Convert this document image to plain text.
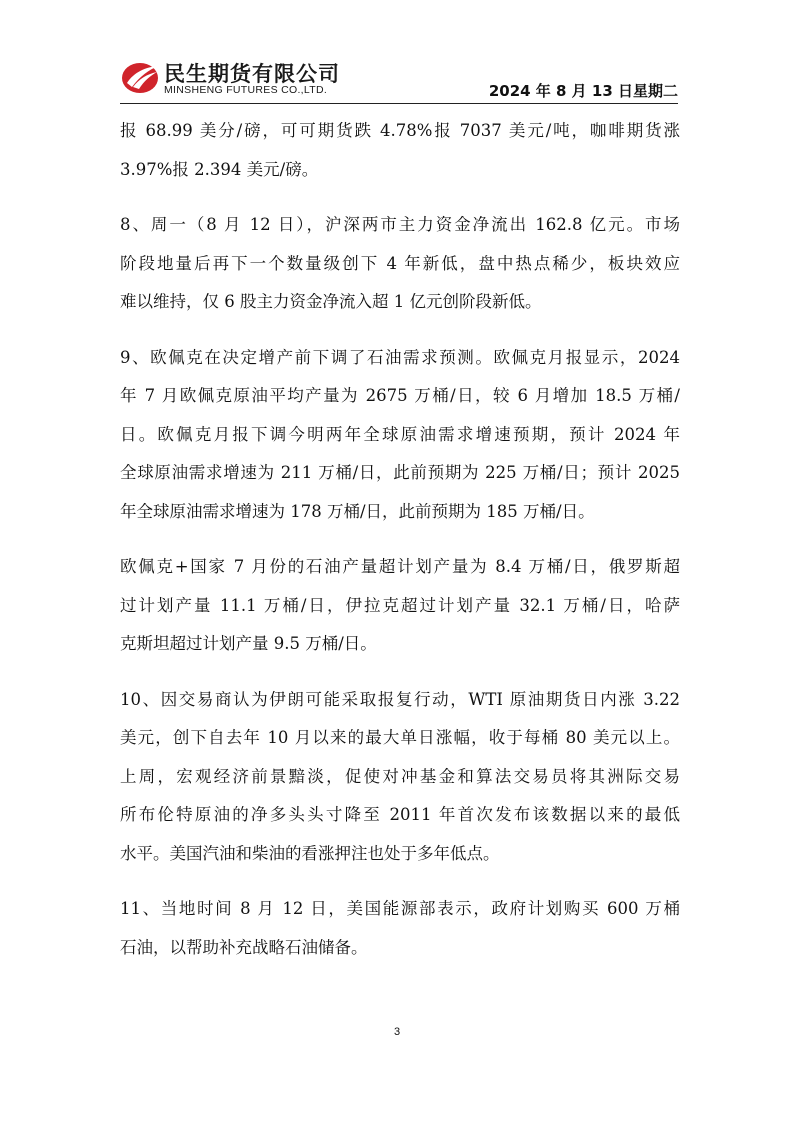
民生期货有限公司
MINSHENG FUTURES CO.,LTD.	2024 年 8 月 13 日星期二

报 68.99 美分/磅，可可期货跌 4.78%报 7037 美元/吨，咖啡期货涨
3.97%报 2.394 美元/磅。

8、周一（8 月 12 日），沪深两市主力资金净流出 162.8 亿元。市场
阶段地量后再下一个数量级创下 4 年新低，盘中热点稀少，板块效应
难以维持，仅 6 股主力资金净流入超 1 亿元创阶段新低。

9、欧佩克在决定增产前下调了石油需求预测。欧佩克月报显示，2024
年 7 月欧佩克原油平均产量为 2675 万桶/日，较 6 月增加 18.5 万桶/
日。欧佩克月报下调今明两年全球原油需求增速预期，预计 2024 年
全球原油需求增速为 211 万桶/日，此前预期为 225 万桶/日；预计 2025
年全球原油需求增速为 178 万桶/日，此前预期为 185 万桶/日。

欧佩克+国家 7 月份的石油产量超计划产量为 8.4 万桶/日，俄罗斯超
过计划产量 11.1 万桶/日，伊拉克超过计划产量 32.1 万桶/日，哈萨
克斯坦超过计划产量 9.5 万桶/日。

10、因交易商认为伊朗可能采取报复行动，WTI 原油期货日内涨 3.22
美元，创下自去年 10 月以来的最大单日涨幅，收于每桶 80 美元以上。
上周，宏观经济前景黯淡，促使对冲基金和算法交易员将其洲际交易
所布伦特原油的净多头头寸降至 2011 年首次发布该数据以来的最低
水平。美国汽油和柴油的看涨押注也处于多年低点。

11、当地时间 8 月 12 日，美国能源部表示，政府计划购买 600 万桶
石油，以帮助补充战略石油储备。

3
